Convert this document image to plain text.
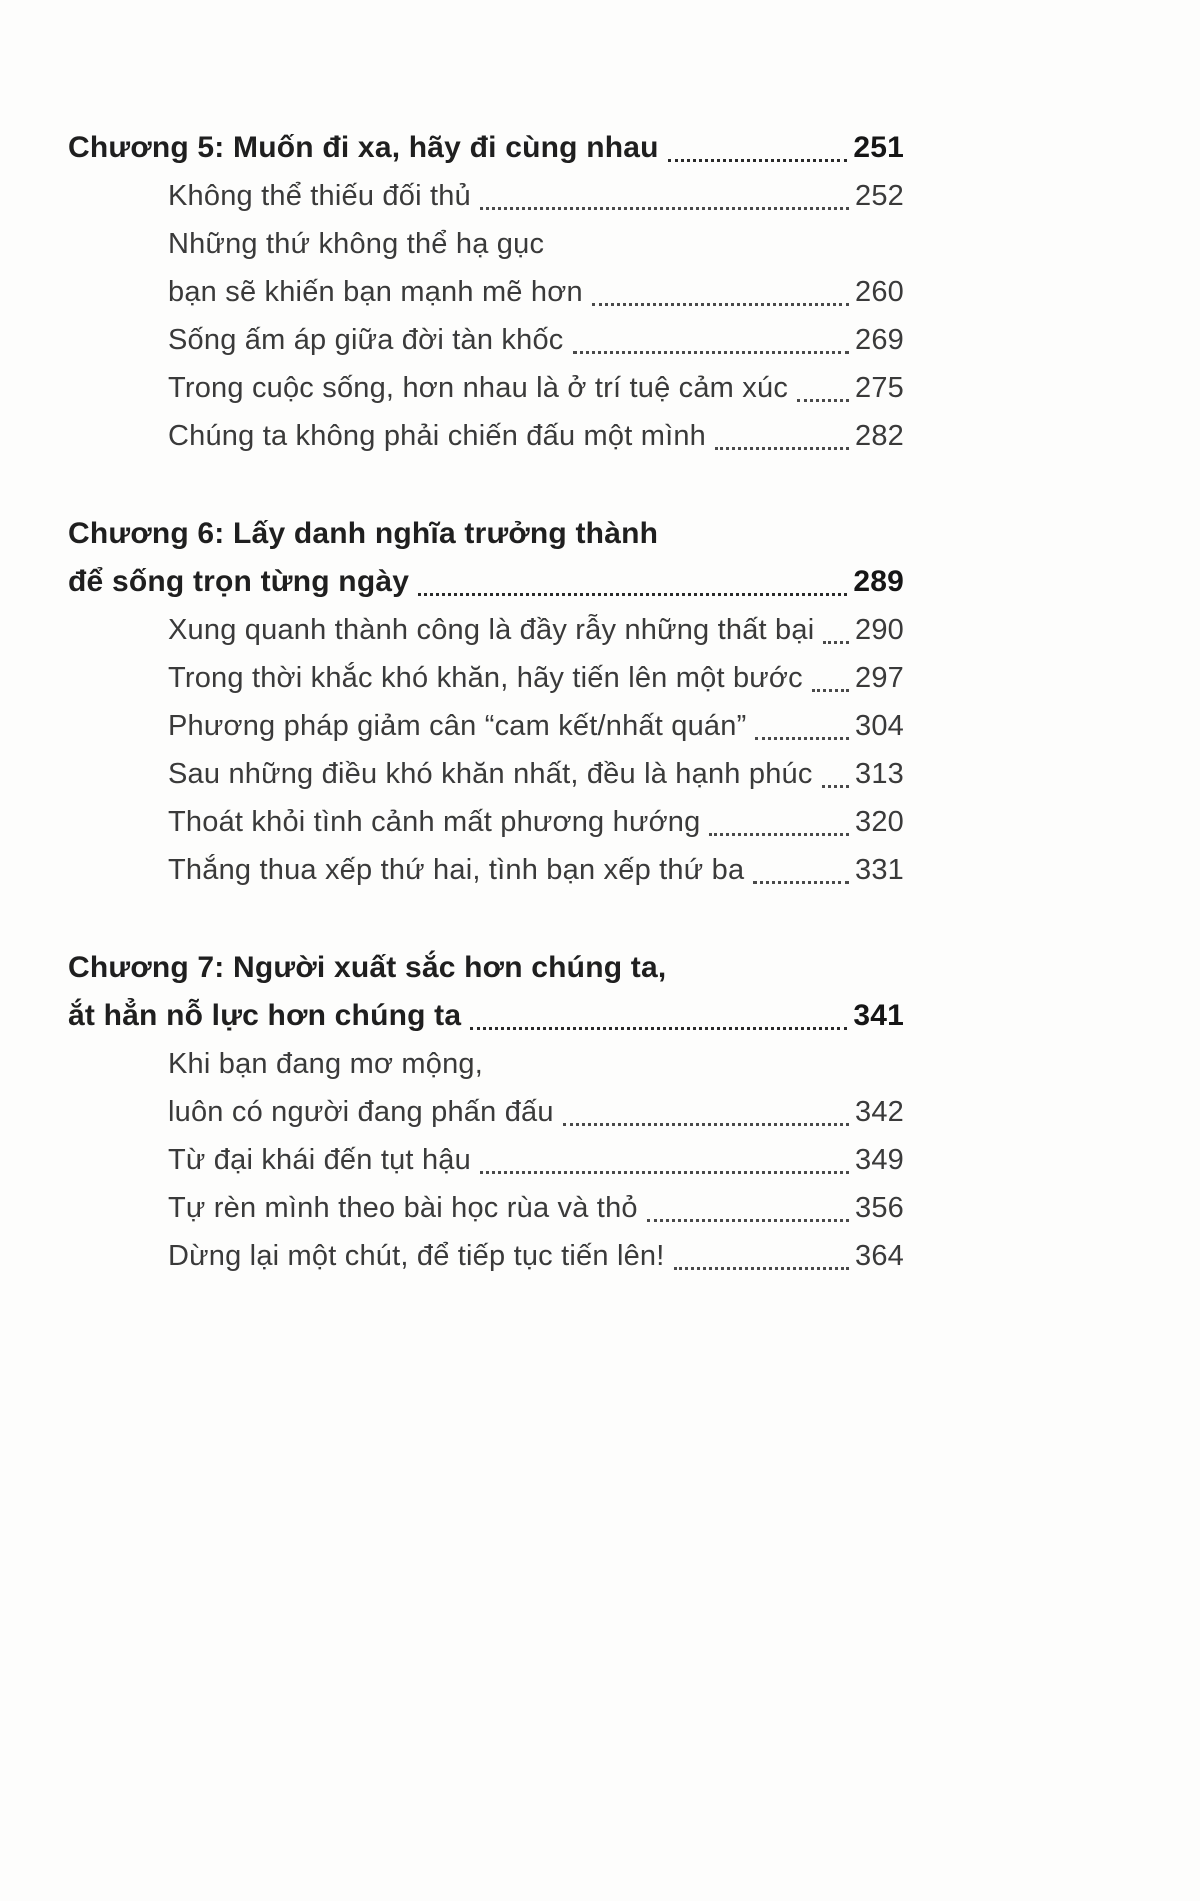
Chương 5: Muốn đi xa, hãy đi cùng nhau	251
Không thể thiếu đối thủ	252
Những thứ không thể hạ gục
bạn sẽ khiến bạn mạnh mẽ hơn	260
Sống ấm áp giữa đời tàn khốc	269
Trong cuộc sống, hơn nhau là ở trí tuệ cảm xúc 275
Chúng ta không phải chiến đấu một mình	282
Chương 6: Lấy danh nghĩa trưởng thành
để sống trọn từng ngày	289
Xung quanh thành công là đầy rẫy những thất bại 290
Trong thời khắc khó khăn, hãy tiến lên một bước 297
Phương pháp giảm cân “cam kết/nhất quán”	304
Sau những điều khó khăn nhất, đều là hạnh phúc 313
Thoát khỏi tình cảnh mất phương hướng	320
Thắng thua xếp thứ hai, tình bạn xếp thứ ba	331
Chương 7: Người xuất sắc hơn chúng ta,
ắt hẳn nỗ lực hơn chúng ta	341
Khi bạn đang mơ mộng,
luôn có người đang phấn đấu	342
Từ đại khái đến tụt hậu	349
Tự rèn mình theo bài học rùa và thỏ	356
Dừng lại một chút, để tiếp tục tiến lên!	364
